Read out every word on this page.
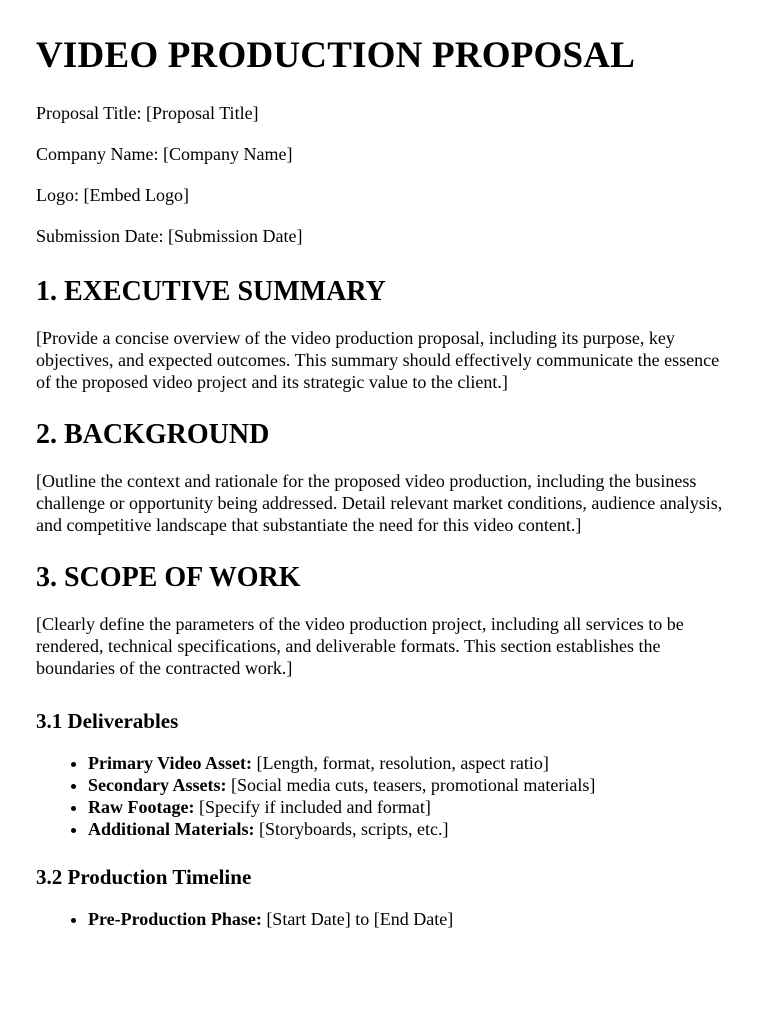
VIDEO PRODUCTION PROPOSAL
Proposal Title: [Proposal Title]
Company Name: [Company Name]
Logo: [Embed Logo]
Submission Date: [Submission Date]
1. EXECUTIVE SUMMARY

[Provide a concise overview of the video production proposal, including its purpose, key objectives, and expected outcomes. This summary should effectively communicate the essence of the proposed video project and its strategic value to the client.]

2. BACKGROUND

[Outline the context and rationale for the proposed video production, including the business challenge or opportunity being addressed. Detail relevant market conditions, audience analysis, and competitive landscape that substantiate the need for this video content.]

3. SCOPE OF WORK

[Clearly define the parameters of the video production project, including all services to be rendered, technical specifications, and deliverable formats. This section establishes the boundaries of the contracted work.]

3.1 Deliverables
• Primary Video Asset: [Length, format, resolution, aspect ratio]
• Secondary Assets: [Social media cuts, teasers, promotional materials]
• Raw Footage: [Specify if included and format]
• Additional Materials: [Storyboards, scripts, etc.]
3.2 Production Timeline
• Pre-Production Phase: [Start Date] to [End Date]
